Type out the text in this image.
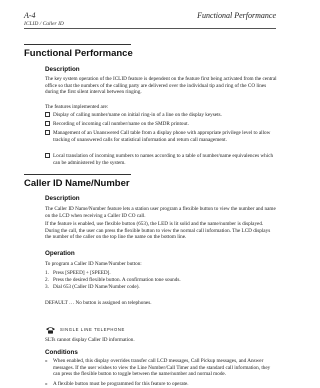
A-4	Functional Performance
ICLID / Caller ID
Functional Performance
Description
The key system operation of the ICLID feature is dependent on the feature first being activated from the central office so that the numbers of the calling party are delivered over the individual tip and ring of the CO lines during the first silent interval between ringing.
The features implemented are:
Display of calling number/name on initial ring-in of a line on the display keysets.
Recording of incoming call number/name on the SMDR printout.
Management of an Unanswered Call table from a display phone with appropriate privilege level to allow tracking of unanswered calls for statistical information and return call management.
Local translation of incoming numbers to names according to a table of number/name equivalences which can be administered by the system.
Caller ID Name/Number
Description
The Caller ID Name/Number feature lets a station user program a flexible button to view the number and name on the LCD when receiving a Caller ID CO call.
If the feature is enabled, use flexible button (653), the LED is lit solid and the name/number is displayed. During the call, the user can press the flexible button to view the normal call information. The LCD displays the number of the caller on the top line the name on the bottom line.
Operation
To program a Caller ID Name/Number button:
1. Press [SPEED] + [SPEED].
2. Press the desired flexible button. A confirmation tone sounds.
3. Dial 653 (Caller ID Name/Number code).
DEFAULT … No button is assigned on telephones.
SINGLE LINE TELEPHONE
SLTs cannot display Caller ID information.
Conditions
»	When enabled, this display overrides transfer call LCD messages, Call Pickup messages, and Answer messages. If the user wishes to view the Line Number/Call Timer and the standard call information, they can press the flexible button to toggle between the name/number and normal mode.
»	A flexible button must be programmed for this feature to operate.
